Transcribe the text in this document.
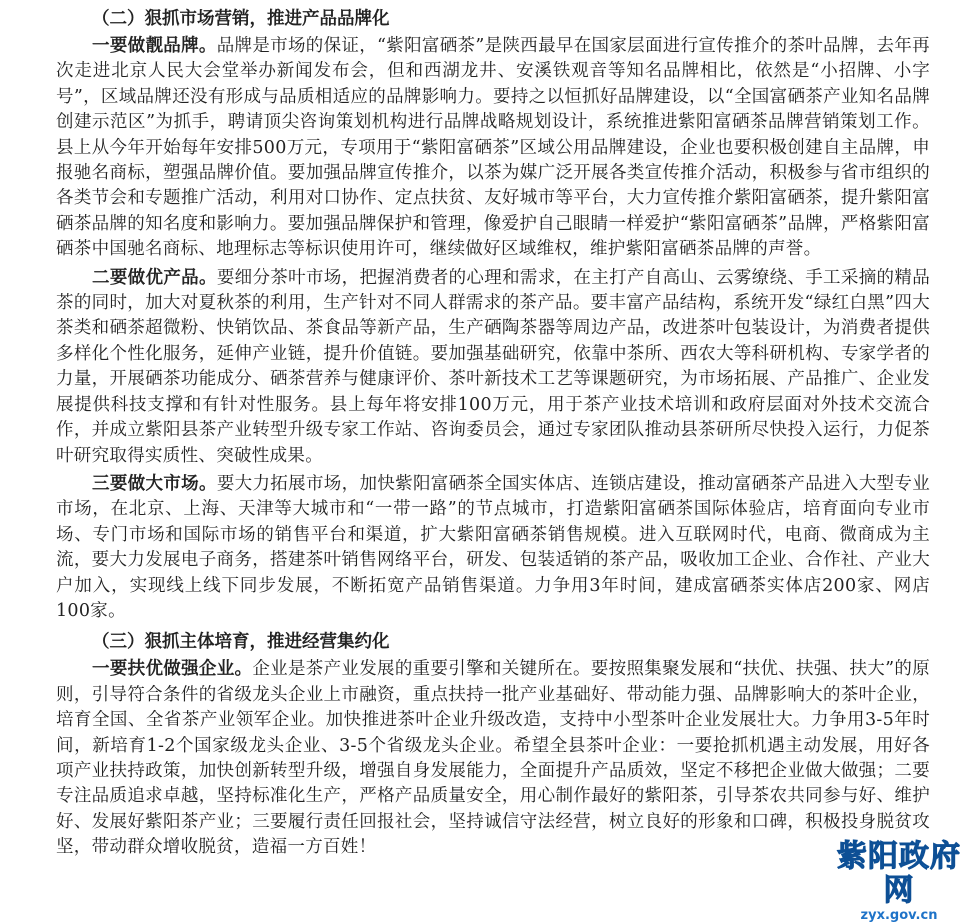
（二）狠抓市场营销，推进产品品牌化

一要做靓品牌。品牌是市场的保证，“紫阳富硒茶”是陕西最早在国家层面进行宣传推介的茶叶品牌，去年再次走进北京人民大会堂举办新闻发布会，但和西湖龙井、安溪铁观音等知名品牌相比，依然是“小招牌、小字号”，区域品牌还没有形成与品质相适应的品牌影响力。要持之以恒抓好品牌建设，以“全国富硒茶产业知名品牌创建示范区”为抓手，聘请顶尖咨询策划机构进行品牌战略规划设计，系统推进紫阳富硒茶品牌营销策划工作。县上从今年开始每年安排500万元，专项用于“紫阳富硒茶”区域公用品牌建设，企业也要积极创建自主品牌，申报驰名商标，塑强品牌价值。要加强品牌宣传推介，以茶为媒广泛开展各类宣传推介活动，积极参与省市组织的各类节会和专题推广活动，利用对口协作、定点扶贫、友好城市等平台，大力宣传推介紫阳富硒茶，提升紫阳富硒茶品牌的知名度和影响力。要加强品牌保护和管理，像爱护自己眼睛一样爱护“紫阳富硒茶”品牌，严格紫阳富硒茶中国驰名商标、地理标志等标识使用许可，继续做好区域维权，维护紫阳富硒茶品牌的声誉。

二要做优产品。要细分茶叶市场，把握消费者的心理和需求，在主打产自高山、云雾缭绕、手工采摘的精品茶的同时，加大对夏秋茶的利用，生产针对不同人群需求的茶产品。要丰富产品结构，系统开发“绿红白黑”四大茶类和硒茶超微粉、快销饮品、茶食品等新产品，生产硒陶茶器等周边产品，改进茶叶包装设计，为消费者提供多样化个性化服务，延伸产业链，提升价值链。要加强基础研究，依靠中茶所、西农大等科研机构、专家学者的力量，开展硒茶功能成分、硒茶营养与健康评价、茶叶新技术工艺等课题研究，为市场拓展、产品推广、企业发展提供科技支撑和有针对性服务。县上每年将安排100万元，用于茶产业技术培训和政府层面对外技术交流合作，并成立紫阳县茶产业转型升级专家工作站、咨询委员会，通过专家团队推动县茶研所尽快投入运行，力促茶叶研究取得实质性、突破性成果。

三要做大市场。要大力拓展市场，加快紫阳富硒茶全国实体店、连锁店建设，推动富硒茶产品进入大型专业市场，在北京、上海、天津等大城市和“一带一路”的节点城市，打造紫阳富硒茶国际体验店，培育面向专业市场、专门市场和国际市场的销售平台和渠道，扩大紫阳富硒茶销售规模。进入互联网时代，电商、微商成为主流，要大力发展电子商务，搭建茶叶销售网络平台，研发、包装适销的茶产品，吸收加工企业、合作社、产业大户加入，实现线上线下同步发展，不断拓宽产品销售渠道。力争用3年时间，建成富硒茶实体店200家、网店100家。

（三）狠抓主体培育，推进经营集约化

一要扶优做强企业。企业是茶产业发展的重要引擎和关键所在。要按照集聚发展和“扶优、扶强、扶大”的原则，引导符合条件的省级龙头企业上市融资，重点扶持一批产业基础好、带动能力强、品牌影响大的茶叶企业，培育全国、全省茶产业领军企业。加快推进茶叶企业升级改造，支持中小型茶叶企业发展壮大。力争用3-5年时间，新培育1-2个国家级龙头企业、3-5个省级龙头企业。希望全县茶叶企业：一要抢抓机遇主动发展，用好各项产业扶持政策，加快创新转型升级，增强自身发展能力，全面提升产品质效，坚定不移把企业做大做强；二要专注品质追求卓越，坚持标准化生产，严格产品质量安全，用心制作最好的紫阳茶，引导茶农共同参与好、维护好、发展好紫阳茶产业；三要履行责任回报社会，坚持诚信守法经营，树立良好的形象和口碑，积极投身脱贫攻坚，带动群众增收脱贫，造福一方百姓！	紫阳政府网
zyx.gov.cn
